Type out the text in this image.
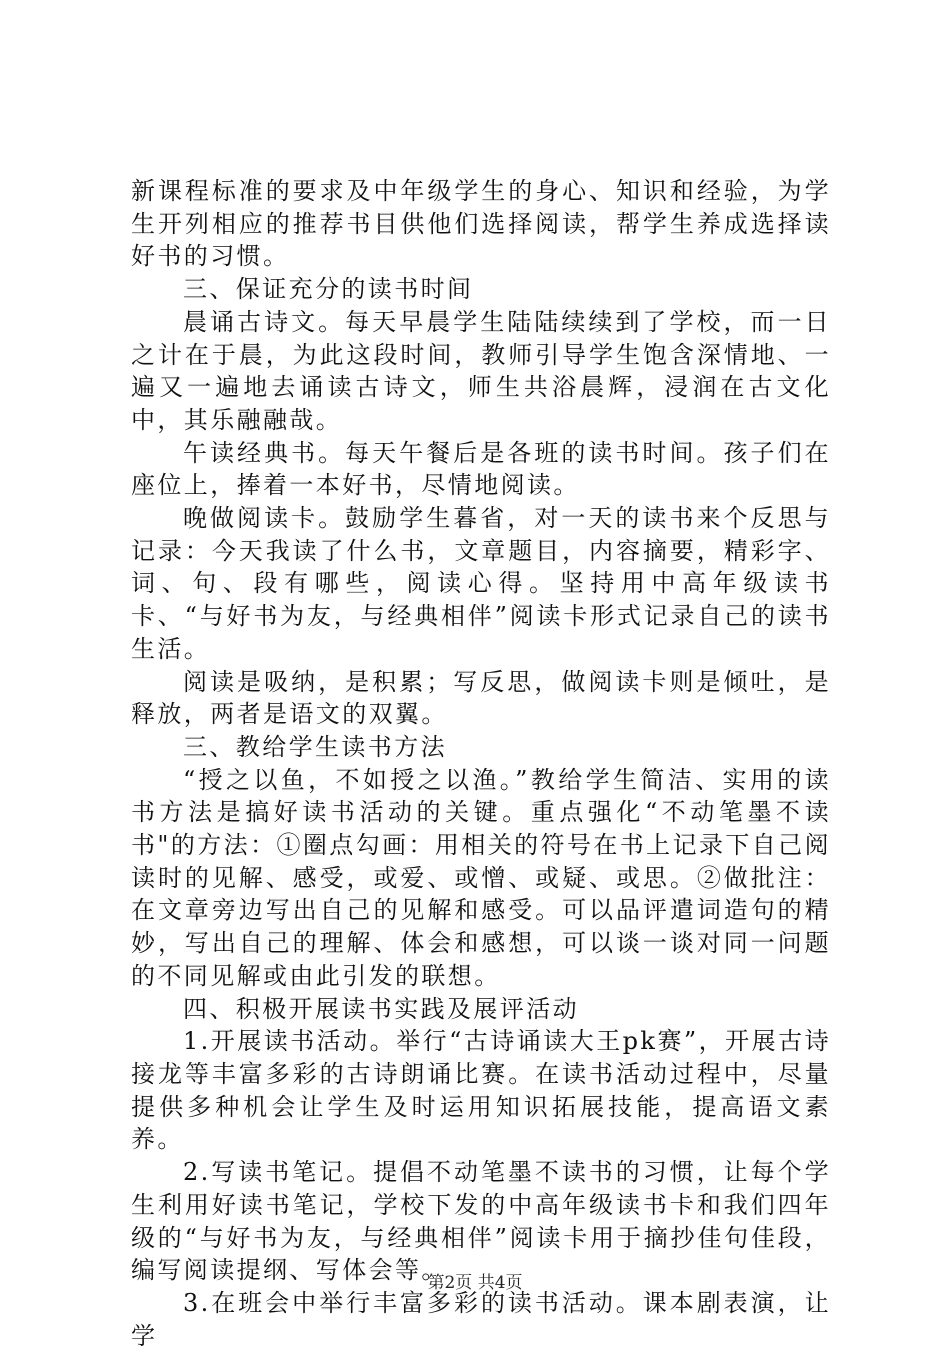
新课程标准的要求及中年级学生的身心、知识和经验，为学生开列相应的推荐书目供他们选择阅读，帮学生养成选择读好书的习惯。

三、保证充分的读书时间

晨诵古诗文。每天早晨学生陆陆续续到了学校，而一日之计在于晨，为此这段时间，教师引导学生饱含深情地、一遍又一遍地去诵读古诗文，师生共浴晨辉，浸润在古文化中，其乐融融哉。

午读经典书。每天午餐后是各班的读书时间。孩子们在座位上，捧着一本好书，尽情地阅读。

晚做阅读卡。鼓励学生暮省，对一天的读书来个反思与记录：今天我读了什么书，文章题目，内容摘要，精彩字、词、句、段有哪些，阅读心得。坚持用中高年级读书卡、“与好书为友，与经典相伴”阅读卡形式记录自己的读书生活。

阅读是吸纳，是积累；写反思，做阅读卡则是倾吐，是释放，两者是语文的双翼。

三、教给学生读书方法

“授之以鱼，不如授之以渔。”教给学生简洁、实用的读书方法是搞好读书活动的关键。重点强化“不动笔墨不读书"的方法：①圈点勾画：用相关的符号在书上记录下自己阅读时的见解、感受，或爱、或憎、或疑、或思。②做批注：在文章旁边写出自己的见解和感受。可以品评遣词造句的精妙，写出自己的理解、体会和感想，可以谈一谈对同一问题的不同见解或由此引发的联想。

四、积极开展读书实践及展评活动

1.开展读书活动。举行“古诗诵读大王pk赛”，开展古诗接龙等丰富多彩的古诗朗诵比赛。在读书活动过程中，尽量提供多种机会让学生及时运用知识拓展技能，提高语文素养。

2.写读书笔记。提倡不动笔墨不读书的习惯，让每个学生利用好读书笔记，学校下发的中高年级读书卡和我们四年级的“与好书为友，与经典相伴”阅读卡用于摘抄佳句佳段，编写阅读提纲、写体会等。

3.在班会中举行丰富多彩的读书活动。课本剧表演，让学

第2页 共4页
